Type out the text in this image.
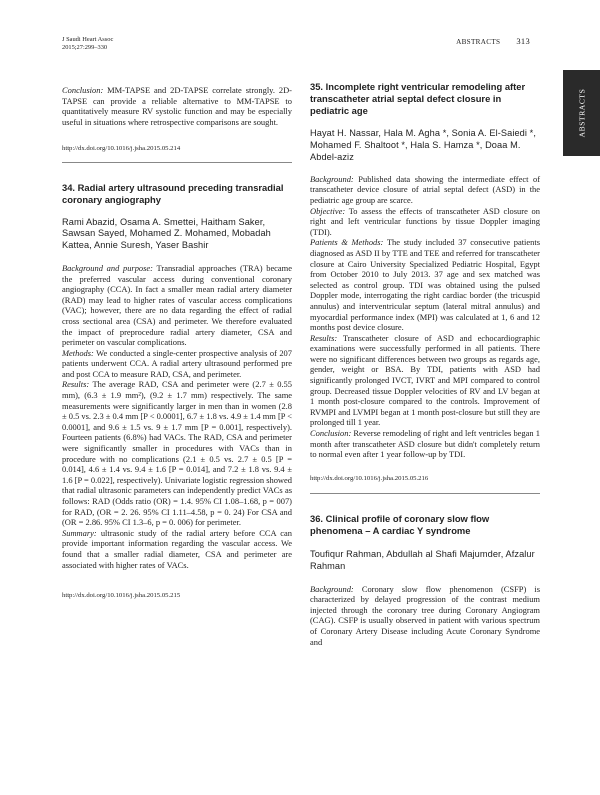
J Saudi Heart Assoc
2015;27:299–330
ABSTRACTS 313
ABSTRACTS

Conclusion: MM-TAPSE and 2D-TAPSE correlate strongly. 2D-TAPSE can provide a reliable alternative to MM-TAPSE to quantitatively measure RV systolic function and may be especially useful in situations where retrospective comparisons are sought.

http://dx.doi.org/10.1016/j.jsha.2015.05.214
34. Radial artery ultrasound preceding transradial coronary angiography
Rami Abazid, Osama A. Smettei, Haitham Saker, Sawsan Sayed, Mohamed Z. Mohamed, Mobadah Kattea, Annie Suresh, Yaser Bashir

Background and purpose: Transradial approaches (TRA) became the preferred vascular access during conventional coronary angiography (CCA). In fact a smaller mean radial artery diameter (RAD) may lead to higher rates of vascular access complications (VAC); however, there are no data regarding the effect of radial cross sectional area (CSA) and perimeter. We therefore evaluated the impact of preprocedure radial artery diameter, CSA and perimeter on vascular complications.

Methods: We conducted a single-center prospective analysis of 207 patients underwent CCA. A radial artery ultrasound performed pre and post CCA to measure RAD, CSA, and perimeter.

Results: The average RAD, CSA and perimeter were (2.7 ± 0.55 mm), (6.3 ± 1.9 mm²), (9.2 ± 1.7 mm) respectively. The same measurements were significantly larger in men than in women (2.8 ± 0.5 vs. 2.3 ± 0.4 mm [P < 0.0001], 6.7 ± 1.8 vs. 4.9 ± 1.4 mm [P < 0.0001], and 9.6 ± 1.5 vs. 9 ± 1.7 mm [P = 0.001], respectively). Fourteen patients (6.8%) had VACs. The RAD, CSA and perimeter were significantly smaller in procedures with VACs than in procedure with no complications (2.1 ± 0.5 vs. 2.7 ± 0.5 [P = 0.014], 4.6 ± 1.4 vs. 9.4 ± 1.6 [P = 0.014], and 7.2 ± 1.8 vs. 9.4 ± 1.6 [P = 0.022], respectively). Univariate logistic regression showed that radial ultrasonic parameters can independently predict VACs as follows: RAD (Odds ratio (OR) = 1.4. 95% CI 1.08–1.68, p = 007) for RAD, (OR = 2. 26. 95% CI 1.11–4.58, p = 0. 24) For CSA and (OR = 2.86. 95% CI 1.3–6, p = 0. 006) for perimeter.

Summary: ultrasonic study of the radial artery before CCA can provide important information regarding the vascular access. We found that a smaller radial diameter, CSA and perimeter are associated with higher rates of VACs.

http://dx.doi.org/10.1016/j.jsha.2015.05.215
35. Incomplete right ventricular remodeling after transcatheter atrial septal defect closure in pediatric age
Hayat H. Nassar, Hala M. Agha *, Sonia A. El-Saiedi *, Mohamed F. Shaltoot *, Hala S. Hamza *, Doaa M. Abdel-aziz

Background: Published data showing the intermediate effect of transcatheter device closure of atrial septal defect (ASD) in the pediatric age group are scarce.

Objective: To assess the effects of transcatheter ASD closure on right and left ventricular functions by tissue Doppler imaging (TDI).

Patients & Methods: The study included 37 consecutive patients diagnosed as ASD II by TTE and TEE and referred for transcatheter closure at Cairo University Specialized Pediatric Hospital, Egypt from October 2010 to July 2013. 37 age and sex matched was selected as control group. TDI was obtained using the pulsed Doppler mode, interrogating the right cardiac border (the tricuspid annulus) and interventricular septum (lateral mitral annulus) and myocardial performance index (MPI) was calculated at 1, 6 and 12 months post device closure.

Results: Transcatheter closure of ASD and echocardiographic examinations were successfully performed in all patients. There were no significant differences between two groups as regards age, gender, weight or BSA. By TDI, patients with ASD had significantly prolonged IVCT, IVRT and MPI compared to control group. Decreased tissue Doppler velocities of RV and LV began at 1 month post-closure compared to the controls. Improvement of RVMPI and LVMPI began at 1 month post-closure but still they are prolonged till 1 year.

Conclusion: Reverse remodeling of right and left ventricles began 1 month after transcatheter ASD closure but didn't completely return to normal even after 1 year follow-up by TDI.

http://dx.doi.org/10.1016/j.jsha.2015.05.216
36. Clinical profile of coronary slow flow phenomena – A cardiac Y syndrome
Toufiqur Rahman, Abdullah al Shafi Majumder, Afzalur Rahman

Background: Coronary slow flow phenomenon (CSFP) is characterized by delayed progression of the contrast medium injected through the coronary tree during Coronary Angiogram (CAG). CSFP is usually observed in patient with various spectrum of Coronary Artery Disease including Acute Coronary Syndrome and
